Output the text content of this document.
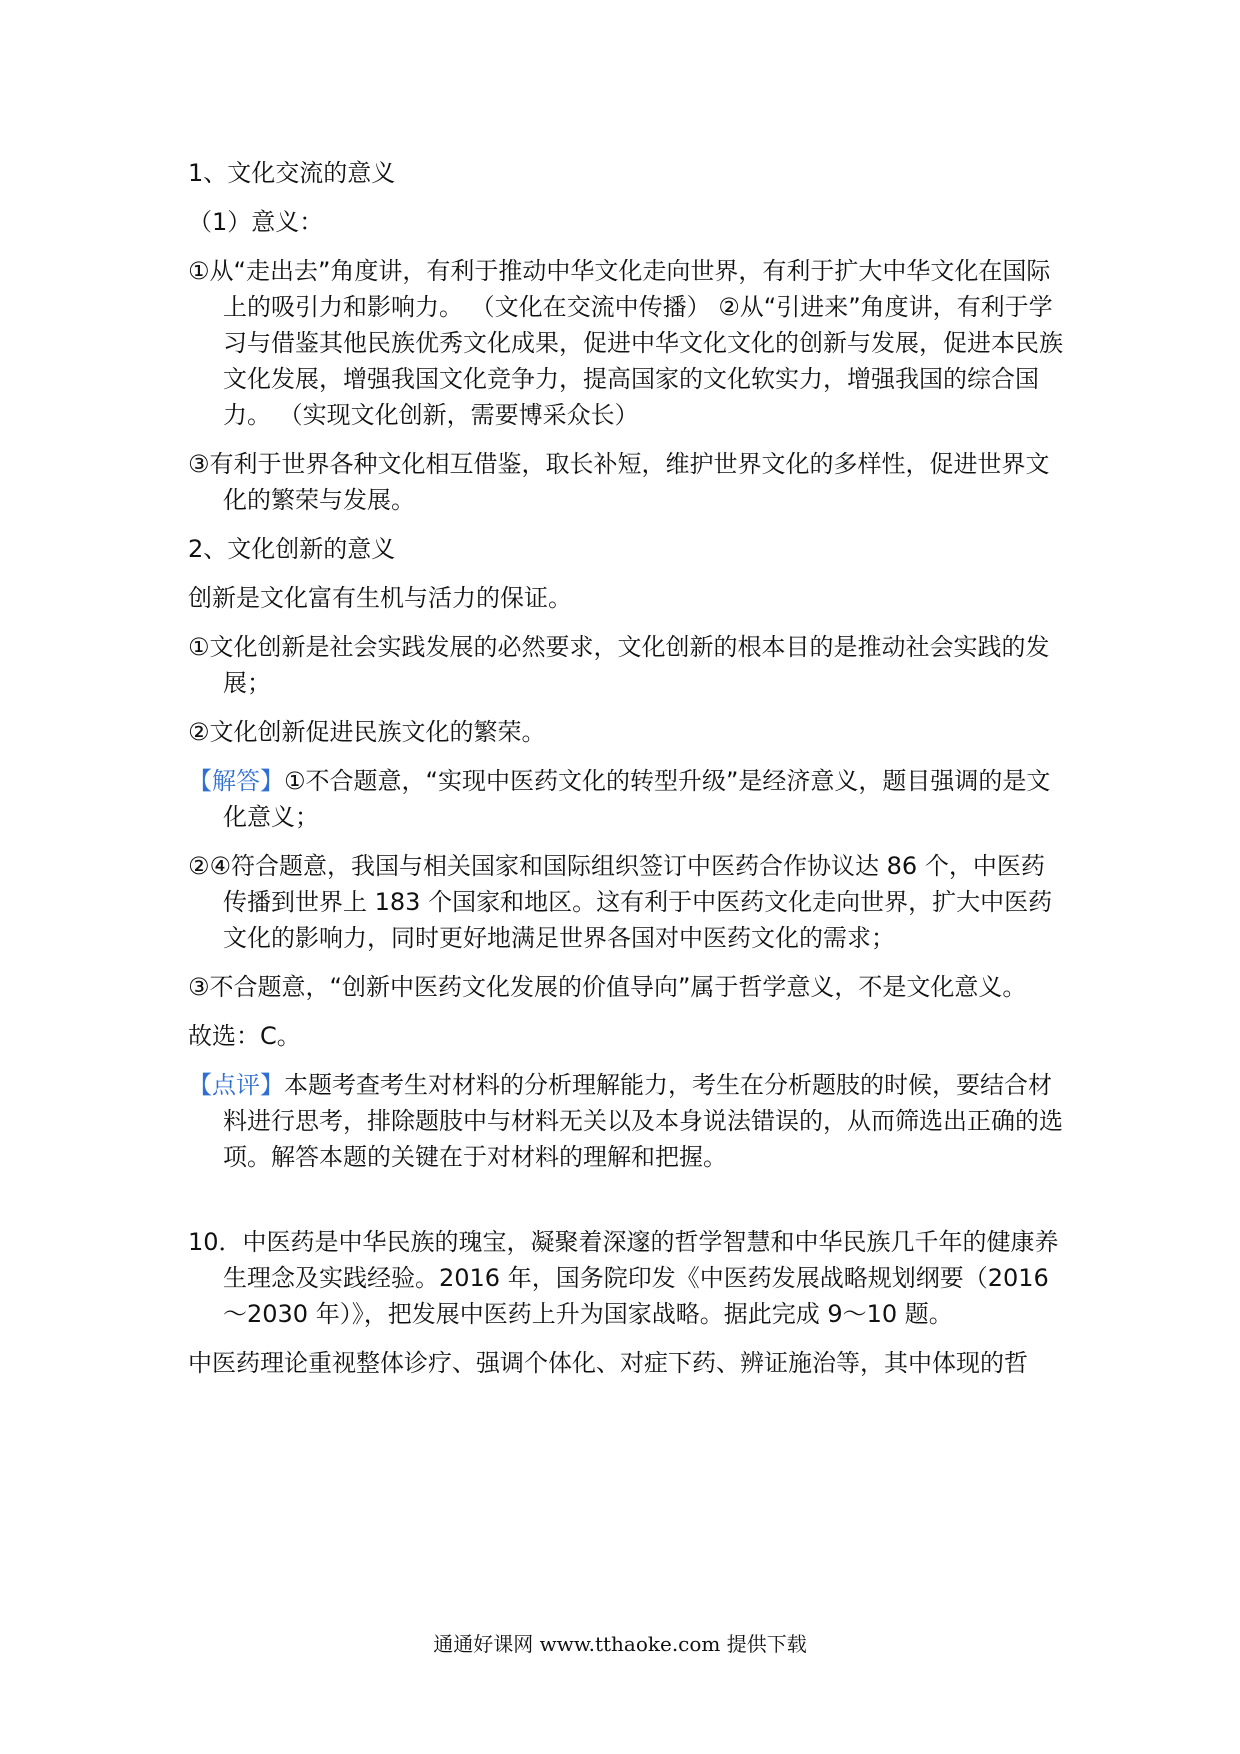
1、文化交流的意义
（1）意义：
①从“走出去”角度讲，有利于推动中华文化走向世界，有利于扩大中华文化在国际上的吸引力和影响力。 （文化在交流中传播） ②从“引进来”角度讲，有利于学习与借鉴其他民族优秀文化成果，促进中华文化文化的创新与发展，促进本民族文化发展，增强我国文化竞争力，提高国家的文化软实力，增强我国的综合国力。 （实现文化创新，需要博采众长）
③有利于世界各种文化相互借鉴，取长补短，维护世界文化的多样性，促进世界文化的繁荣与发展。
2、文化创新的意义
创新是文化富有生机与活力的保证。
①文化创新是社会实践发展的必然要求，文化创新的根本目的是推动社会实践的发展；
②文化创新促进民族文化的繁荣。
【解答】①不合题意，“实现中医药文化的转型升级”是经济意义，题目强调的是文化意义；
②④符合题意，我国与相关国家和国际组织签订中医药合作协议达 86 个，中医药传播到世界上 183 个国家和地区。这有利于中医药文化走向世界，扩大中医药文化的影响力，同时更好地满足世界各国对中医药文化的需求；
③不合题意，“创新中医药文化发展的价值导向”属于哲学意义，不是文化意义。
故选：C。
【点评】本题考查考生对材料的分析理解能力，考生在分析题肢的时候，要结合材料进行思考，排除题肢中与材料无关以及本身说法错误的，从而筛选出正确的选项。解答本题的关键在于对材料的理解和把握。
10．中医药是中华民族的瑰宝，凝聚着深邃的哲学智慧和中华民族几千年的健康养生理念及实践经验。2016 年，国务院印发《中医药发展战略规划纲要（2016～2030 年）》，把发展中医药上升为国家战略。据此完成 9～10 题。
中医药理论重视整体诊疗、强调个体化、对症下药、辨证施治等，其中体现的哲
通通好课网 www.tthaoke.com 提供下载
